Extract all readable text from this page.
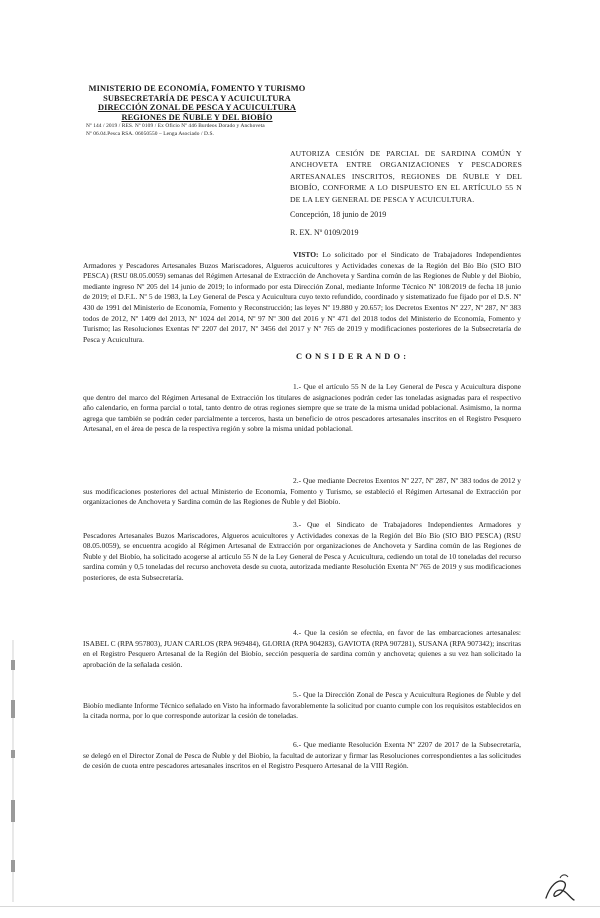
MINISTERIO DE ECONOMÍA, FOMENTO Y TURISMO
SUBSECRETARÍA DE PESCA Y ACUICULTURA
DIRECCIÓN ZONAL DE PESCA Y ACUICULTURA
REGIONES DE ÑUBLE Y DEL BIOBÍO
Nº 144 / 2019 / RES. Nº 0109 / Ex Oficio Nº 446 Burdeos Dorado y Anchoveta
Nº 06.04.Pesca RSA. 06050550 – Lenga Asociado / D.S.
AUTORIZA CESIÓN DE PARCIAL DE SARDINA COMÚN Y ANCHOVETA ENTRE ORGANIZACIONES Y PESCADORES ARTESANALES INSCRITOS, REGIONES DE ÑUBLE Y DEL BIOBÍO, CONFORME A LO DISPUESTO EN EL ARTÍCULO 55 N DE LA LEY GENERAL DE PESCA Y ACUICULTURA.
Concepción, 18 junio de 2019
R. EX. Nº 0109/2019

VISTO: Lo solicitado por el Sindicato de Trabajadores Independientes Armadores y Pescadores Artesanales Buzos Mariscadores, Algueros acuicultores y Actividades conexas de la Región del Bío Bío (SIO BIO PESCA) (RSU 08.05.0059) semanas del Régimen Artesanal de Extracción de Anchoveta y Sardina común de las Regiones de Ñuble y del Biobío, mediante ingreso Nº 205 del 14 junio de 2019; lo informado por esta Dirección Zonal, mediante Informe Técnico Nº 108/2019 de fecha 18 junio de 2019; el D.F.L. Nº 5 de 1983, la Ley General de Pesca y Acuicultura cuyo texto refundido, coordinado y sistematizado fue fijado por el D.S. Nº 430 de 1991 del Ministerio de Economía, Fomento y Reconstrucción; las leyes Nº 19.880 y 20.657; los Decretos Exentos Nº 227, Nº 287, Nº 383 todos de 2012, Nº 1409 del 2013, Nº 1024 del 2014, Nº 97 Nº 300 del 2016 y Nº 471 del 2018 todos del Ministerio de Economía, Fomento y Turismo; las Resoluciones Exentas Nº 2207 del 2017, Nº 3456 del 2017 y Nº 765 de 2019 y modificaciones posteriores de la Subsecretaría de Pesca y Acuicultura.

CONSIDERANDO:

1.- Que el artículo 55 N de la Ley General de Pesca y Acuicultura dispone que dentro del marco del Régimen Artesanal de Extracción los titulares de asignaciones podrán ceder las toneladas asignadas para el respectivo año calendario, en forma parcial o total, tanto dentro de otras regiones siempre que se trate de la misma unidad poblacional. Asimismo, la norma agrega que también se podrán ceder parcialmente a terceros, hasta un beneficio de otros pescadores artesanales inscritos en el Registro Pesquero Artesanal, en el área de pesca de la respectiva región y sobre la misma unidad poblacional.

2.- Que mediante Decretos Exentos Nº 227, Nº 287, Nº 383 todos de 2012 y sus modificaciones posteriores del actual Ministerio de Economía, Fomento y Turismo, se estableció el Régimen Artesanal de Extracción por organizaciones de Anchoveta y Sardina común de las Regiones de Ñuble y del Biobío.

3.- Que el Sindicato de Trabajadores Independientes Armadores y Pescadores Artesanales Buzos Mariscadores, Algueros acuicultores y Actividades conexas de la Región del Bío Bío (SIO BIO PESCA) (RSU 08.05.0059), se encuentra acogido al Régimen Artesanal de Extracción por organizaciones de Anchoveta y Sardina común de las Regiones de Ñuble y del Biobío, ha solicitado acogerse al artículo 55 N de la Ley General de Pesca y Acuicultura, cediendo un total de 10 toneladas del recurso sardina común y 0,5 toneladas del recurso anchoveta desde su cuota, autorizada mediante Resolución Exenta Nº 765 de 2019 y sus modificaciones posteriores, de esta Subsecretaría.

4.- Que la cesión se efectúa, en favor de las embarcaciones artesanales: ISABEL C (RPA 957803), JUAN CARLOS (RPA 969484), GLORIA (RPA 904283), GAVIOTA (RPA 907281), SUSANA (RPA 907342); inscritas en el Registro Pesquero Artesanal de la Región del Biobío, sección pesquería de sardina común y anchoveta; quienes a su vez han solicitado la aprobación de la señalada cesión.

5.- Que la Dirección Zonal de Pesca y Acuicultura Regiones de Ñuble y del Biobío mediante Informe Técnico señalado en Visto ha informado favorablemente la solicitud por cuanto cumple con los requisitos establecidos en la citada norma, por lo que corresponde autorizar la cesión de toneladas.

6.- Que mediante Resolución Exenta Nº 2207 de 2017 de la Subsecretaría, se delegó en el Director Zonal de Pesca de Ñuble y del Biobío, la facultad de autorizar y firmar las Resoluciones correspondientes a las solicitudes de cesión de cuota entre pescadores artesanales inscritos en el Registro Pesquero Artesanal de la VIII Región.
